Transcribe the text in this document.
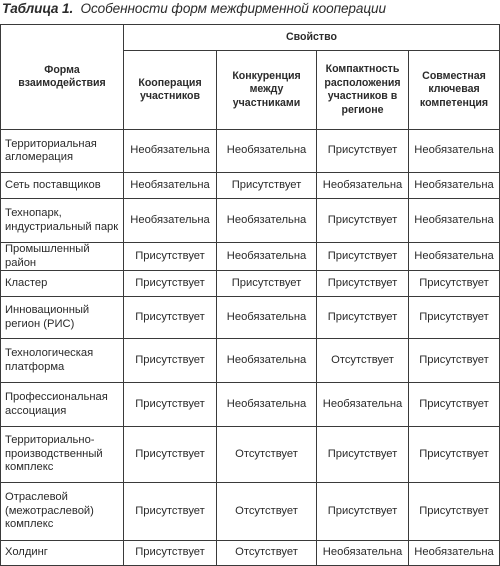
Таблица 1. Особенности форм межфирменной кооперации
Форма взаимодействия	Свойство			
	Кооперация участников	Конкуренция между участниками	Компактность расположения участников в регионе	Совместная ключевая компетенция
Территориальная агломерация	Необязательна	Необязательна	Присутствует	Необязательна
Сеть поставщиков	Необязательна	Присутствует	Необязательна	Необязательна
Технопарк, индустриальный парк	Необязательна	Необязательна	Присутствует	Необязательна
Промышленный район	Присутствует	Необязательна	Присутствует	Необязательна
Кластер	Присутствует	Присутствует	Присутствует	Присутствует
Инновационный регион (РИС)	Присутствует	Необязательна	Присутствует	Присутствует
Технологическая платформа	Присутствует	Необязательна	Отсутствует	Присутствует
Профессиональная ассоциация	Присутствует	Необязательна	Необязательна	Присутствует
Территориально-производственный комплекс	Присутствует	Отсутствует	Присутствует	Присутствует
Отраслевой (межотраслевой) комплекс	Присутствует	Отсутствует	Присутствует	Присутствует
Холдинг	Присутствует	Отсутствует	Необязательна	Необязательна
